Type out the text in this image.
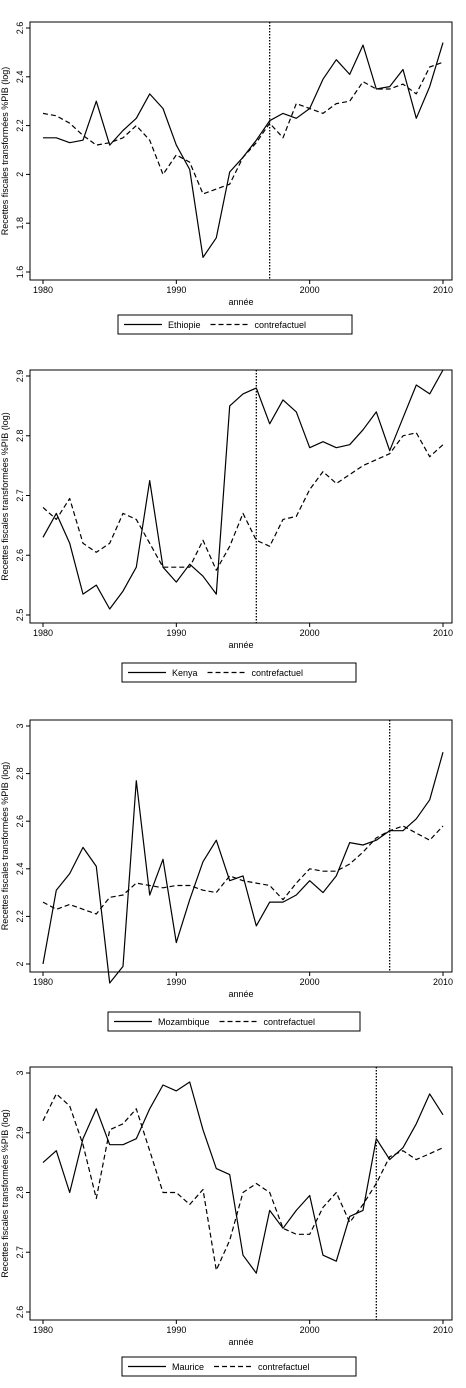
1.6
1.8
2
2.2
2.4
2.6
1980	1990	2000	2010
année
Recettes fiscales transformées %PIB (log)
Ethiopie	contrefactuel
2.5
2.6
2.7
2.8
2.9
1980	1990	2000	2010
année
Recettes fiscales transformées %PIB (log)
Kenya	contrefactuel
2
2.2
2.4
2.6
2.8
3
1980	1990	2000	2010
année
Recettes fiscales transformées %PIB (log)
Mozambique	contrefactuel
2.6
2.7
2.8
2.9
3
1980	1990	2000	2010
année
Recettes fiscales transformées %PIB (log)
Maurice	contrefactuel
